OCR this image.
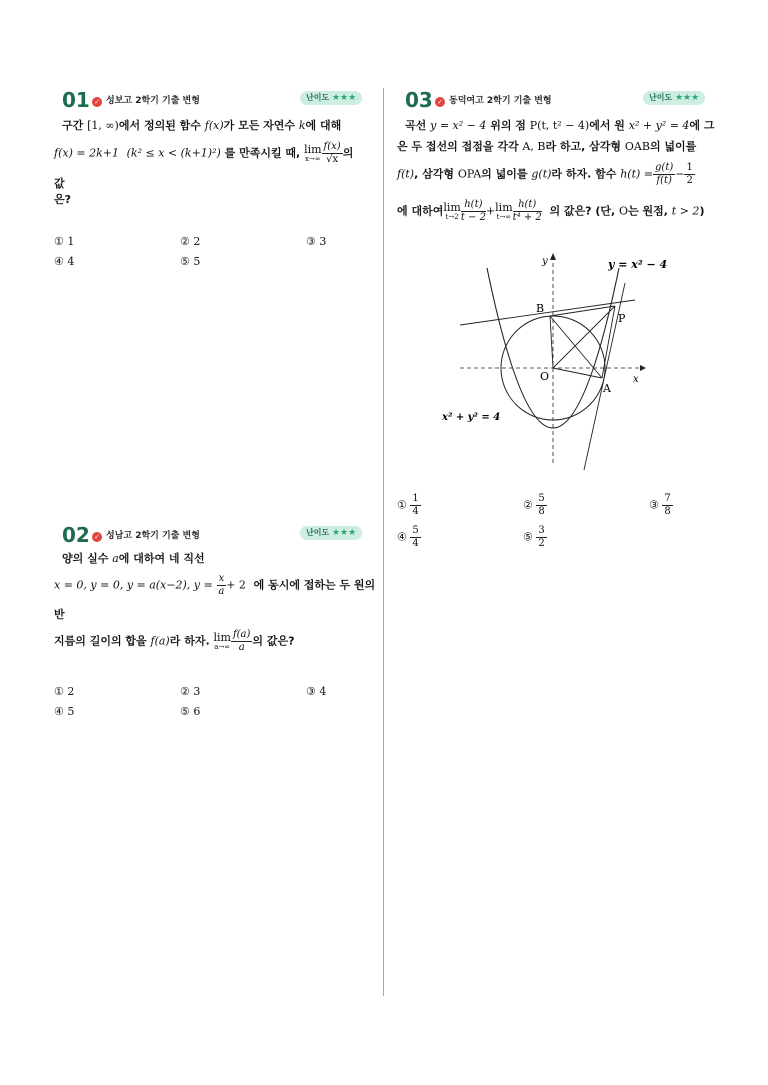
01 ✓ 성보고 2학기 기출 변형	난이도 ★★★
구간 [1, ∞)에서 정의된 함수 f(x)가 모든 자연수 k에 대해
f(x) = 2k+1 (k² ≤ x < (k+1)²) 를 만족시킬 때, lim
$x\to\infty \frac{f(x)}{√x}$ 의
값
은?
① 1	② 2	③ 3
④ 4	⑤ 5
02 ✓ 성남고 2학기 기출 변형	난이도 ★★★
양의 실수 a에 대하여 네 직선
x = 0, y = 0, y = a(x−2), $y = \frac{x}{a} + 2$ 에 동시에 접하는 두 원의
반
지름의 길이의 합을 f(a)라 하자. lim
$a\to\infty \frac{f(a)}{a}$ 의 값은?
① 2	② 3	③ 4
④ 5	⑤ 6
03 ✓ 동덕여고 2학기 기출 변형	난이도 ★★★
곡선 y = x² − 4 위의 점 P(t, t² − 4)에서 원 x² + y² = 4에 그
은 두 접선의 접점을 각각 A, B라 하고, 삼각형 OAB의 넓이를
f(t), 삼각형 OPA의 넓이를 g(t)라 하자. 함수 $h(t) = \frac{g(t)}{f(t)} - \frac{1}{2}$
에 대하여lim
$t\to 2 \frac{h(t)}{t - 2} +\lim$
$t\to\infty \frac{h(t)}{\text{t⁴ + 2}}$ 의 값은? (단, O는 원점, t > 2)
y = x² − 4
x² + y² = 4
y
x
O
A
B
P
① $\frac{1}{4}$	② $\frac{5}{8}$	③ $\frac{7}{8}$
④ $\frac{5}{4}$	⑤ $\frac{3}{2}$
